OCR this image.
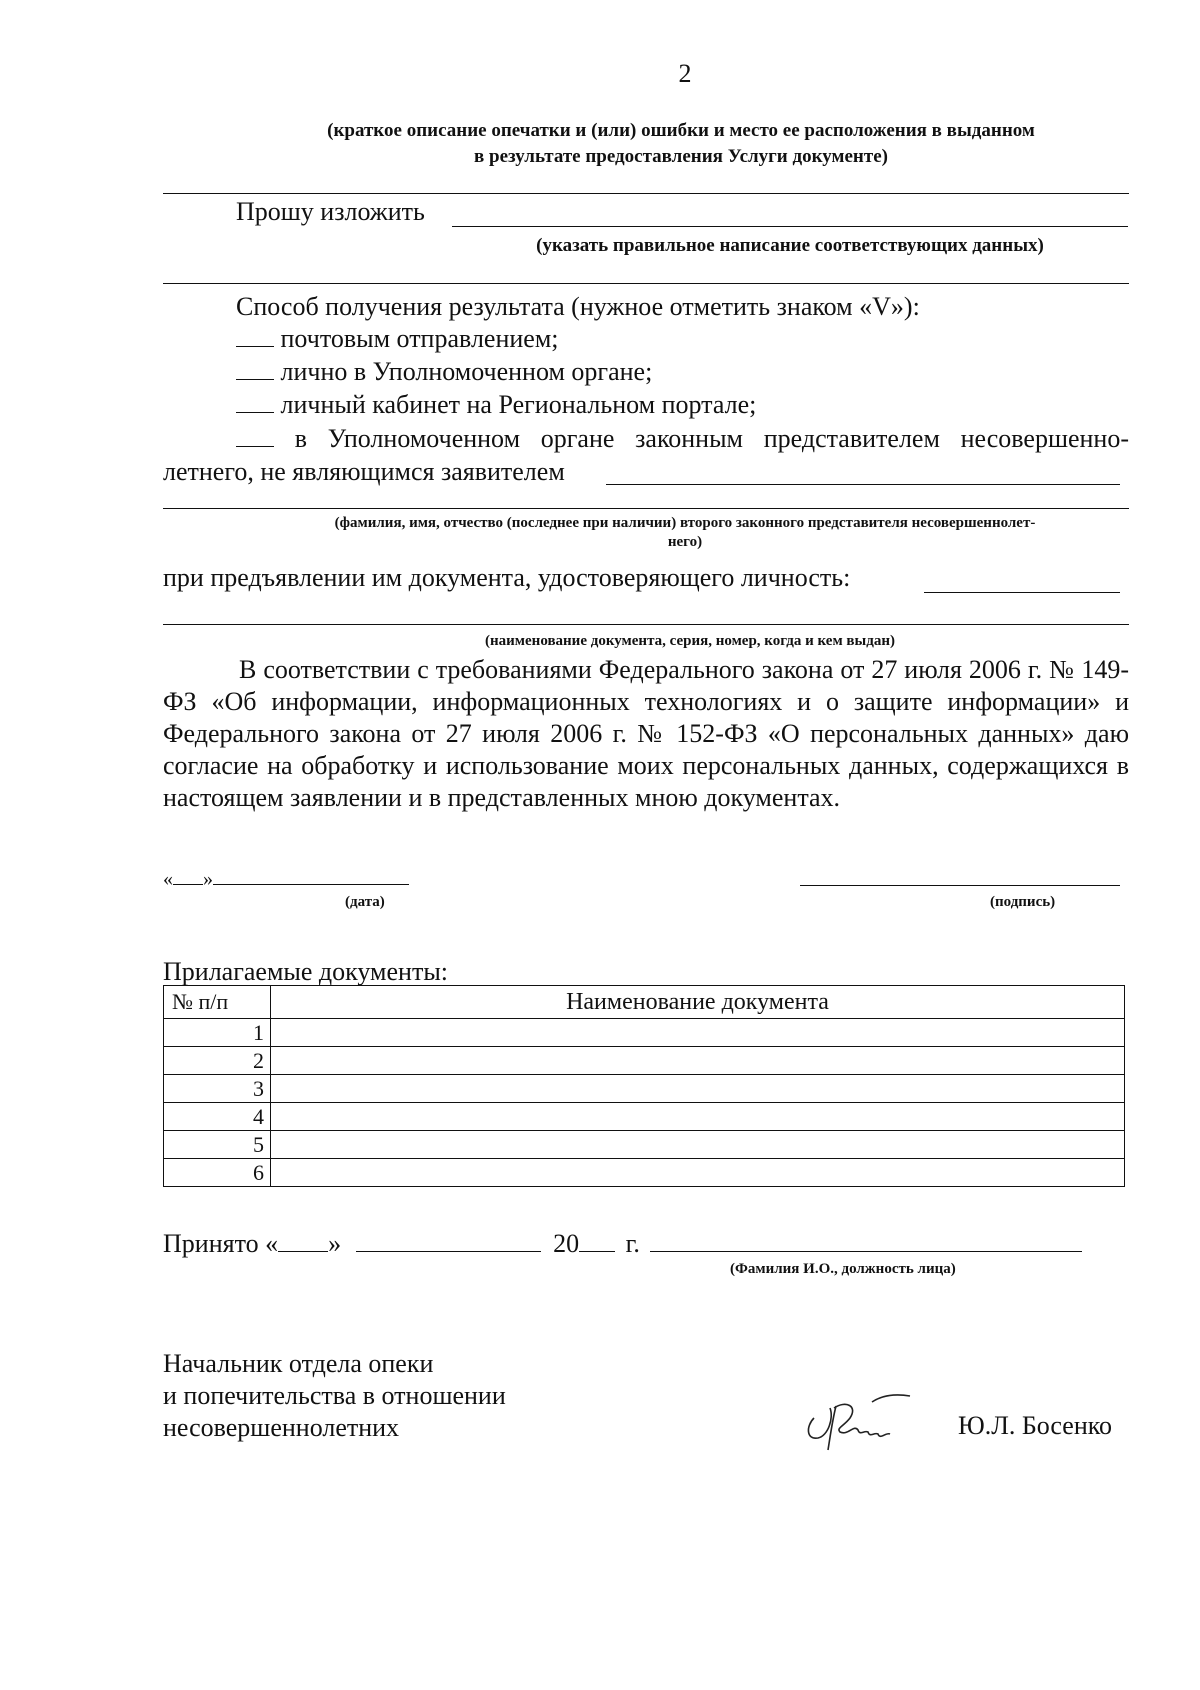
2
(краткое описание опечатки и (или) ошибки и место ее расположения в выданном
в результате предоставления Услуги документе)
Прошу изложить
(указать правильное написание соответствующих данных)
Способ получения результата (нужное отметить знаком «V»):
почтовым отправлением;
лично в Уполномоченном органе;
личный кабинет на Региональном портале;
в Уполномоченном органе законным представителем несовершенно-
летнего, не являющимся заявителем
(фамилия, имя, отчество (последнее при наличии) второго законного представителя несовершеннолет-
него)
при предъявлении им документа, удостоверяющего личность:
(наименование документа, серия, номер, когда и кем выдан)
В соответствии с требованиями Федерального закона от 27 июля 2006 г. № 149-ФЗ «Об информации, информационных технологиях и о защите информации» и Федерального закона от 27 июля 2006 г. № 152-ФЗ «О персональных данных» даю согласие на обработку и использование моих персональных данных, содержащихся в настоящем заявлении и в представленных мною документах.
« »
(дата)	(подпись)
Прилагаемые документы:
№ п/п	Наименование документа
1	
2	
3	
4	
5	
6	
Принято « »	20 г.
(Фамилия И.О., должность лица)
Начальник отдела опеки
и попечительства в отношении
несовершеннолетних	Ю.Л. Босенко
